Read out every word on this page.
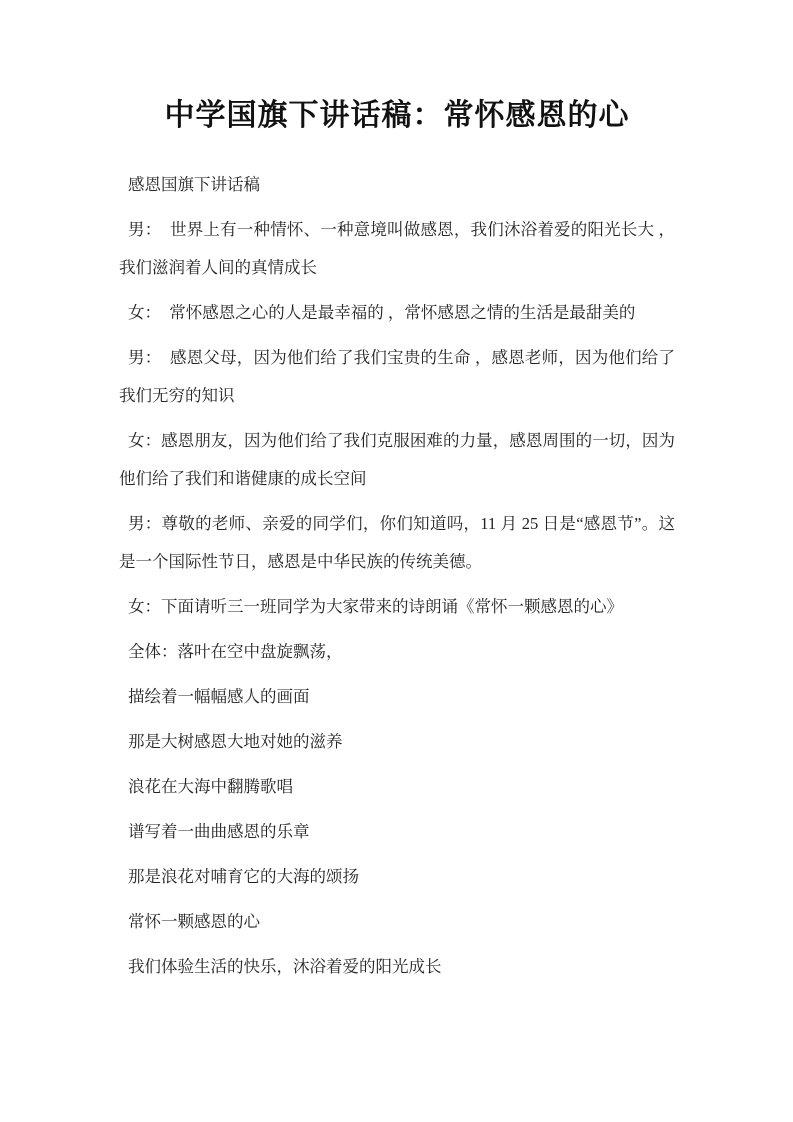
中学国旗下讲话稿：常怀感恩的心

感恩国旗下讲话稿

男：  世界上有一种情怀、一种意境叫做感恩，我们沐浴着爱的阳光长大 ，我们滋润着人间的真情成长

女：  常怀感恩之心的人是最幸福的 ，常怀感恩之情的生活是最甜美的

男：  感恩父母，因为他们给了我们宝贵的生命 ，感恩老师，因为他们给了我们无穷的知识

女：感恩朋友，因为他们给了我们克服困难的力量，感恩周围的一切，因为他们给了我们和谐健康的成长空间

男：尊敬的老师、亲爱的同学们，你们知道吗，11 月 25 日是“感恩节”。这是一个国际性节日，感恩是中华民族的传统美德。

女：下面请听三一班同学为大家带来的诗朗诵《常怀一颗感恩的心》

全体：落叶在空中盘旋飘荡，

描绘着一幅幅感人的画面

那是大树感恩大地对她的滋养

浪花在大海中翻腾歌唱

谱写着一曲曲感恩的乐章

那是浪花对哺育它的大海的颂扬

常怀一颗感恩的心

我们体验生活的快乐，沐浴着爱的阳光成长
